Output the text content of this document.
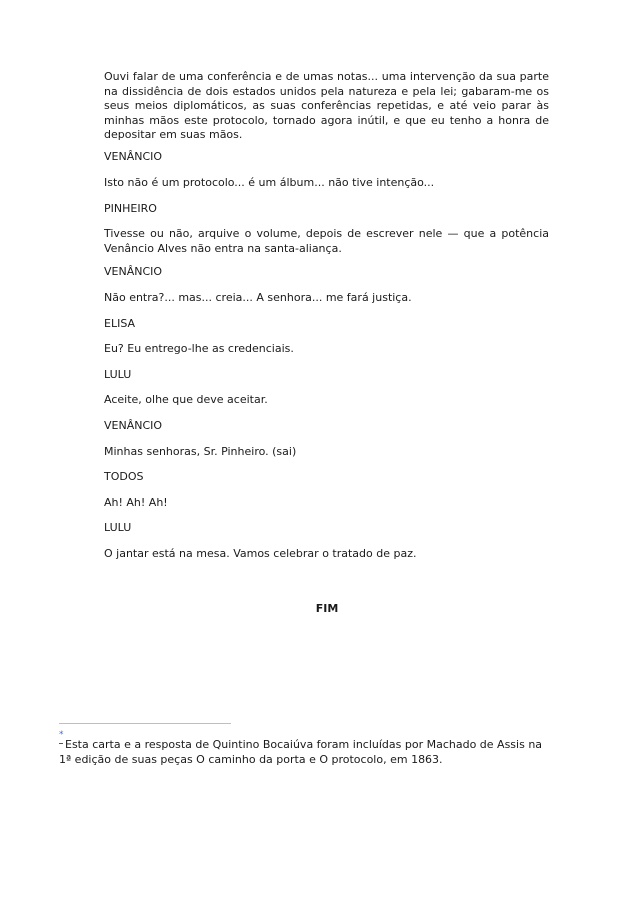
Ouvi falar de uma conferência e de umas notas... uma intervenção da sua parte na dissidência de dois estados unidos pela natureza e pela lei; gabaram-me os seus meios diplomáticos, as suas conferências repetidas, e até veio parar às minhas mãos este protocolo, tornado agora inútil, e que eu tenho a honra de depositar em suas mãos.
VENÂNCIO
Isto não é um protocolo... é um álbum... não tive intenção...
PINHEIRO
Tivesse ou não, arquive o volume, depois de escrever nele — que a potência Venâncio Alves não entra na santa-aliança.
VENÂNCIO
Não entra?... mas... creia... A senhora... me fará justiça.
ELISA
Eu? Eu entrego-lhe as credenciais.
LULU
Aceite, olhe que deve aceitar.
VENÂNCIO
Minhas senhoras, Sr. Pinheiro. (sai)
TODOS
Ah! Ah! Ah!
LULU
O jantar está na mesa. Vamos celebrar o tratado de paz.
FIM
*
Esta carta e a resposta de Quintino Bocaiúva foram incluídas por Machado de Assis na 1ª edição de suas peças O caminho da porta e O protocolo, em 1863.
